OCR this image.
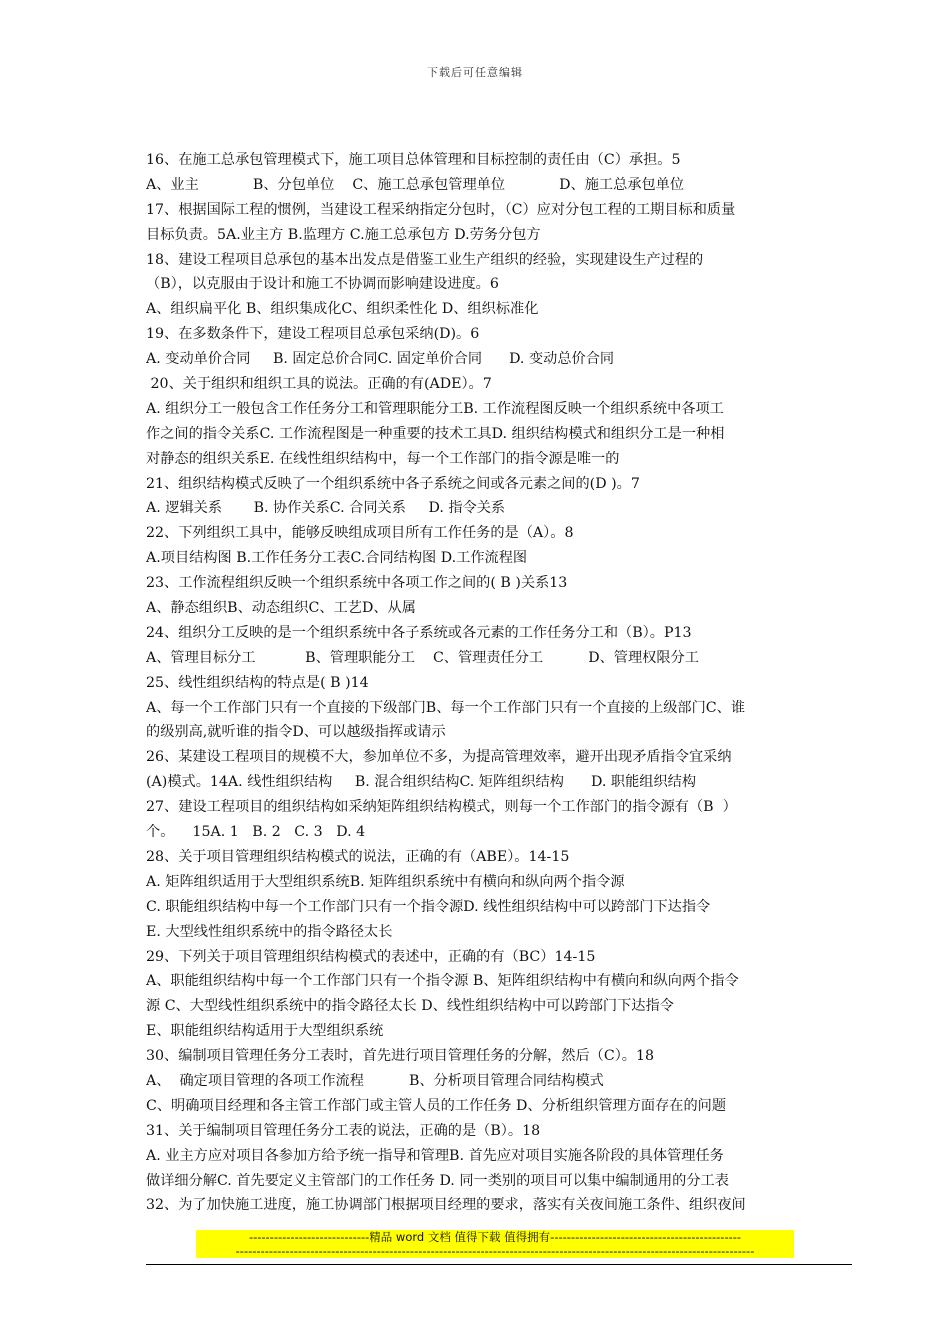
下载后可任意编辑
16、在施工总承包管理模式下，施工项目总体管理和目标控制的责任由（C）承担。5
A、业主            B、分包单位    C、施工总承包管理单位            D、施工总承包单位
17、根据国际工程的惯例，当建设工程采纳指定分包时，（C）应对分包工程的工期目标和质量
目标负责。5A.业主方 B.监理方 C.施工总承包方 D.劳务分包方
18、建设工程项目总承包的基本出发点是借鉴工业生产组织的经验，实现建设生产过程的
（B），以克服由于设计和施工不协调而影响建设进度。6
A、组织扁平化 B、组织集成化C、组织柔性化 D、组织标准化
19、在多数条件下，建设工程项目总承包采纳(D)。6
A. 变动单价合同     B. 固定总价合同C. 固定单价合同      D. 变动总价合同
20、关于组织和组织工具的说法。正确的有(ADE）。7
A. 组织分工一般包含工作任务分工和管理职能分工B. 工作流程图反映一个组织系统中各项工
作之间的指令关系C. 工作流程图是一种重要的技术工具D. 组织结构模式和组织分工是一种相
对静态的组织关系E. 在线性组织结构中，每一个工作部门的指令源是唯一的
21、组织结构模式反映了一个组织系统中各子系统之间或各元素之间的(D )。7
A. 逻辑关系       B. 协作关系C. 合同关系     D. 指令关系
22、下列组织工具中，能够反映组成项目所有工作任务的是（A）。8
A.项目结构图 B.工作任务分工表C.合同结构图 D.工作流程图
23、工作流程组织反映一个组织系统中各项工作之间的( B )关系13
A、静态组织B、动态组织C、工艺D、从属
24、组织分工反映的是一个组织系统中各子系统或各元素的工作任务分工和（B）。P13
A、管理目标分工           B、管理职能分工    C、管理责任分工          D、管理权限分工
25、线性组织结构的特点是( B )14
A、每一个工作部门只有一个直接的下级部门B、每一个工作部门只有一个直接的上级部门C、谁
的级别高,就听谁的指令D、可以越级指挥或请示
26、某建设工程项目的规模不大，参加单位不多，为提高管理效率，避开出现矛盾指令宜采纳
(A)模式。14A. 线性组织结构     B. 混合组织结构C. 矩阵组织结构      D. 职能组织结构
27、建设工程项目的组织结构如采纳矩阵组织结构模式，则每一个工作部门的指令源有（B  ）
个。    15A. 1   B. 2   C. 3   D. 4
28、关于项目管理组织结构模式的说法，正确的有（ABE）。14-15
A. 矩阵组织适用于大型组织系统B. 矩阵组织系统中有横向和纵向两个指令源
C. 职能组织结构中每一个工作部门只有一个指令源D. 线性组织结构中可以跨部门下达指令
E. 大型线性组织系统中的指令路径太长
29、下列关于项目管理组织结构模式的表述中，正确的有（BC）14-15
A、职能组织结构中每一个工作部门只有一个指令源 B、矩阵组织结构中有横向和纵向两个指令
源 C、大型线性组织系统中的指令路径太长 D、线性组织结构中可以跨部门下达指令
E、职能组织结构适用于大型组织系统
30、编制项目管理任务分工表时，首先进行项目管理任务的分解，然后（C）。18
A、  确定项目管理的各项工作流程          B、分析项目管理合同结构模式
C、明确项目经理和各主管工作部门或主管人员的工作任务 D、分析组织管理方面存在的问题
31、关于编制项目管理任务分工表的说法，正确的是（B）。18
A. 业主方应对项目各参加方给予统一指导和管理B. 首先应对项目实施各阶段的具体管理任务
做详细分解C. 首先要定义主管部门的工作任务 D. 同一类别的项目可以集中编制通用的分工表
32、为了加快施工进度，施工协调部门根据项目经理的要求，落实有关夜间施工条件、组织夜间
-----------------------------精品 word 文档 值得下载 值得拥有----------------------------------------------
-----------------------------------------------------------------------------------------------------------------------------
